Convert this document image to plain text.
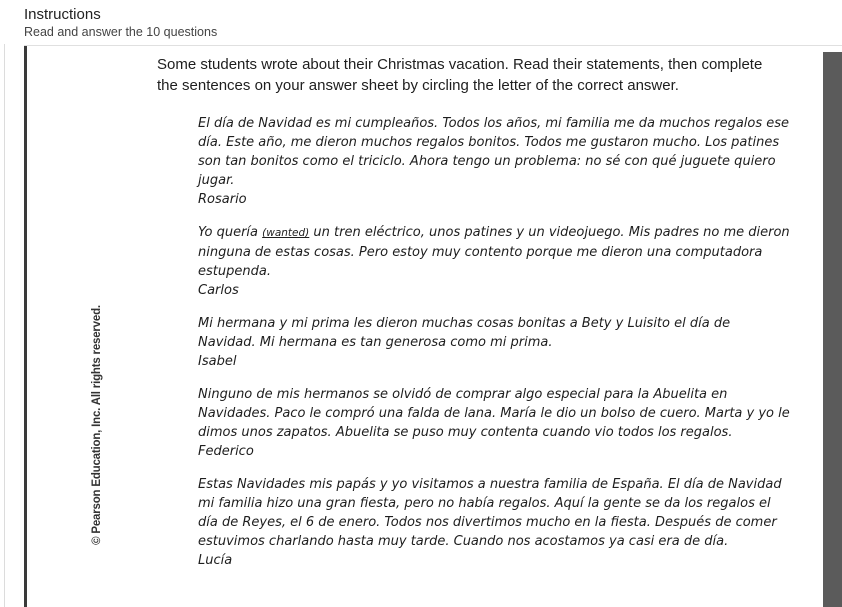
Instructions
Read and answer the 10 questions
© Pearson Education, Inc. All rights reserved.
Some students wrote about their Christmas vacation. Read their statements, then complete the sentences on your answer sheet by circling the letter of the correct answer.
El día de Navidad es mi cumpleaños. Todos los años, mi familia me da muchos regalos ese día. Este año, me dieron muchos regalos bonitos. Todos me gustaron mucho. Los patines son tan bonitos como el triciclo. Ahora tengo un problema: no sé con qué juguete quiero jugar.
Rosario
Yo quería (wanted) un tren eléctrico, unos patines y un videojuego. Mis padres no me dieron ninguna de estas cosas. Pero estoy muy contento porque me dieron una computadora estupenda.
Carlos
Mi hermana y mi prima les dieron muchas cosas bonitas a Bety y Luisito el día de Navidad. Mi hermana es tan generosa como mi prima.
Isabel
Ninguno de mis hermanos se olvidó de comprar algo especial para la Abuelita en Navidades. Paco le compró una falda de lana. María le dio un bolso de cuero. Marta y yo le dimos unos zapatos. Abuelita se puso muy contenta cuando vio todos los regalos.
Federico
Estas Navidades mis papás y yo visitamos a nuestra familia de España. El día de Navidad mi familia hizo una gran fiesta, pero no había regalos. Aquí la gente se da los regalos el día de Reyes, el 6 de enero. Todos nos divertimos mucho en la fiesta. Después de comer estuvimos charlando hasta muy tarde. Cuando nos acostamos ya casi era de día.
Lucía
